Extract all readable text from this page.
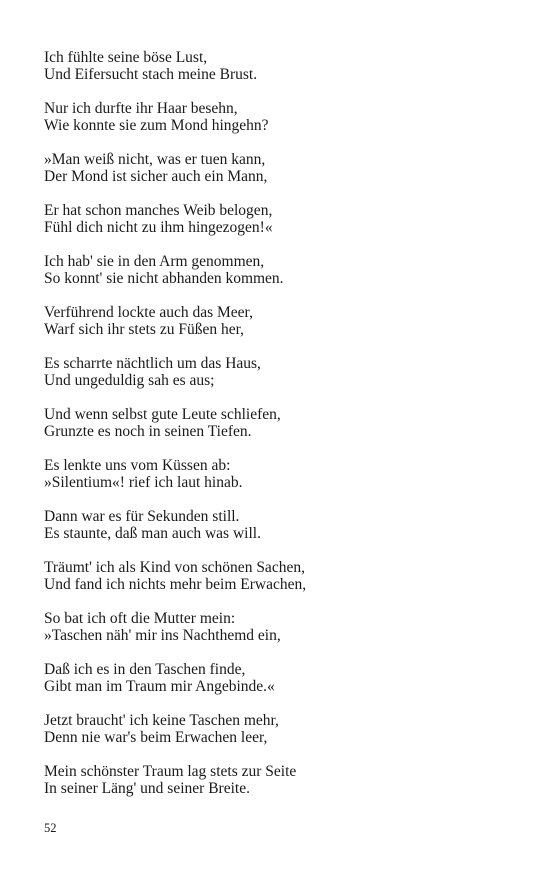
Ich fühlte seine böse Lust,
Und Eifersucht stach meine Brust.
Nur ich durfte ihr Haar besehn,
Wie konnte sie zum Mond hingehn?
»Man weiß nicht, was er tuen kann,
Der Mond ist sicher auch ein Mann,
Er hat schon manches Weib belogen,
Fühl dich nicht zu ihm hingezogen!«
Ich hab' sie in den Arm genommen,
So konnt' sie nicht abhanden kommen.
Verführend lockte auch das Meer,
Warf sich ihr stets zu Füßen her,
Es scharrte nächtlich um das Haus,
Und ungeduldig sah es aus;
Und wenn selbst gute Leute schliefen,
Grunzte es noch in seinen Tiefen.
Es lenkte uns vom Küssen ab:
»Silentium«! rief ich laut hinab.
Dann war es für Sekunden still.
Es staunte, daß man auch was will.
Träumt' ich als Kind von schönen Sachen,
Und fand ich nichts mehr beim Erwachen,
So bat ich oft die Mutter mein:
»Taschen näh' mir ins Nachthemd ein,
Daß ich es in den Taschen finde,
Gibt man im Traum mir Angebinde.«
Jetzt braucht' ich keine Taschen mehr,
Denn nie war's beim Erwachen leer,
Mein schönster Traum lag stets zur Seite
In seiner Läng' und seiner Breite.
52
